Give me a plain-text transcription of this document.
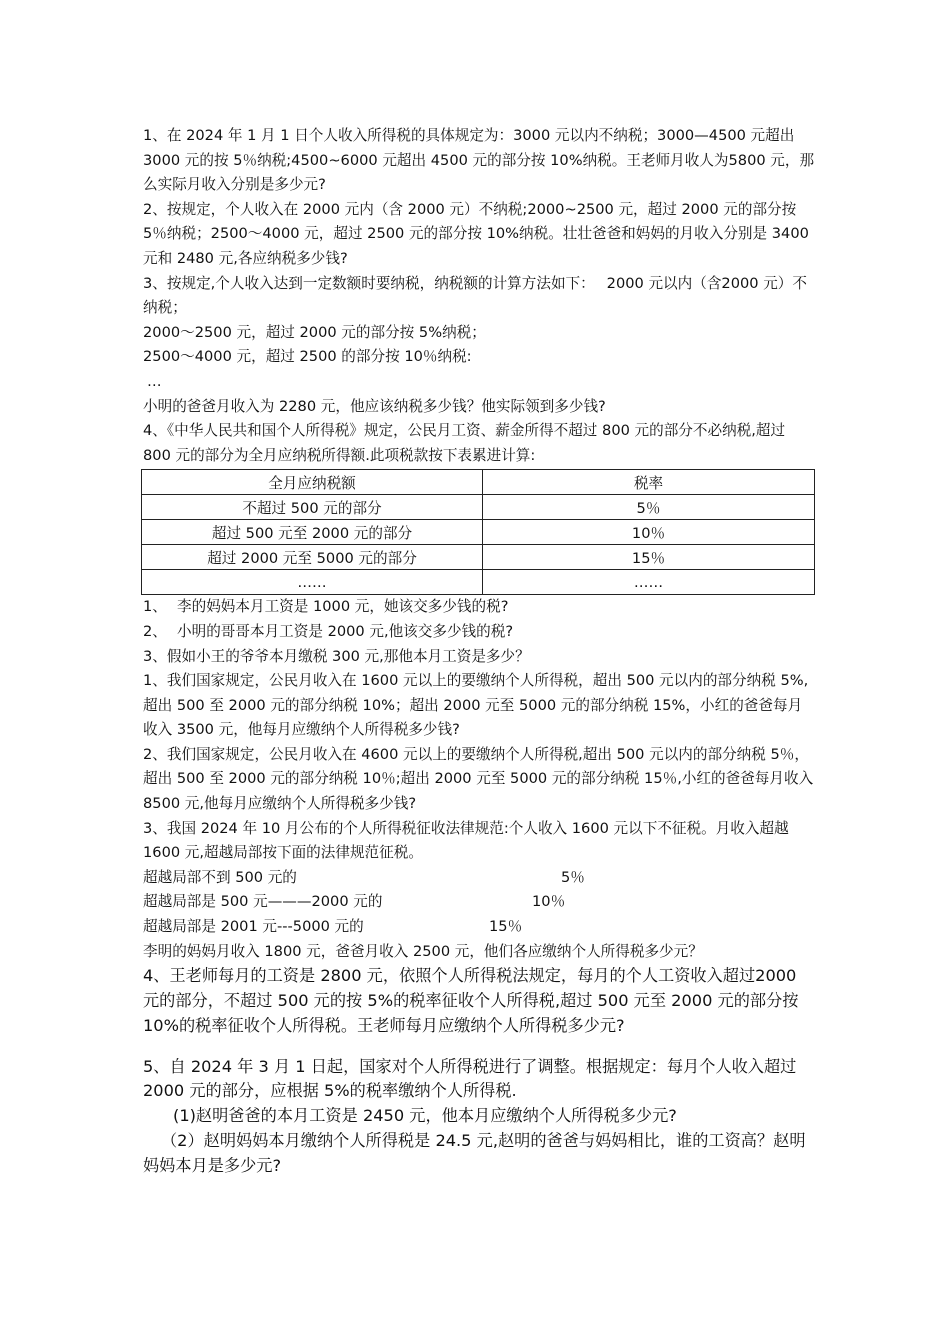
1、在 2024 年 1 月 1 日个人收入所得税的具体规定为：3000 元以内不纳税；3000—4500 元超出 3000 元的按 5％纳税;4500~6000 元超出 4500 元的部分按 10%纳税。王老师月收人为5800 元，那么实际月收入分别是多少元?

2、按规定，个人收入在 2000 元内（含 2000 元）不纳税;2000~2500 元，超过 2000 元的部分按 5％纳税；2500～4000 元，超过 2500 元的部分按 10%纳税。壮壮爸爸和妈妈的月收入分别是 3400 元和 2480 元,各应纳税多少钱?

3、按规定,个人收入达到一定数额时要纳税，纳税额的计算方法如下：　 2000 元以内（含2000 元）不纳税；

2000～2500 元，超过 2000 元的部分按 5%纳税；

2500～4000 元，超过 2500 的部分按 10％纳税:

…

小明的爸爸月收入为 2280 元，他应该纳税多少钱？他实际领到多少钱?

4、《中华人民共和国个人所得税》规定，公民月工资、薪金所得不超过 800 元的部分不必纳税,超过 800 元的部分为全月应纳税所得额.此项税款按下表累进计算:

全月应纳税额	税率
不超过 500 元的部分	5％
超过 500 元至 2000 元的部分	10％
超过 2000 元至 5000 元的部分	15％
……	……

1、 李的妈妈本月工资是 1000 元，她该交多少钱的税?

2、 小明的哥哥本月工资是 2000 元,他该交多少钱的税?

3、假如小王的爷爷本月缴税 300 元,那他本月工资是多少？

1、我们国家规定，公民月收入在 1600 元以上的要缴纳个人所得税，超出 500 元以内的部分纳税 5%,超出 500 至 2000 元的部分纳税 10%；超出 2000 元至 5000 元的部分纳税 15%，小红的爸爸每月收入 3500 元，他每月应缴纳个人所得税多少钱?

2、我们国家规定，公民月收入在 4600 元以上的要缴纳个人所得税,超出 500 元以内的部分纳税 5％，超出 500 至 2000 元的部分纳税 10％;超出 2000 元至 5000 元的部分纳税 15％,小红的爸爸每月收入 8500 元,他每月应缴纳个人所得税多少钱?

3、我国 2024 年 10 月公布的个人所得税征收法律规范:个人收入 1600 元以下不征税。月收入超越 1600 元,超越局部按下面的法律规范征税。

超越局部不到 500 元的	5％
超越局部是 500 元———2000 元的	10％
超越局部是 2001 元---5000 元的	15％

李明的妈妈月收入 1800 元，爸爸月收入 2500 元，他们各应缴纳个人所得税多少元？

4、王老师每月的工资是 2800 元，依照个人所得税法规定，每月的个人工资收入超过2000 元的部分，不超过 500 元的按 5%的税率征收个人所得税,超过 500 元至 2000 元的部分按 10%的税率征收个人所得税。王老师每月应缴纳个人所得税多少元?

5、自 2024 年 3 月 1 日起，国家对个人所得税进行了调整。根据规定：每月个人收入超过2000 元的部分，应根据 5%的税率缴纳个人所得税.

(1)赵明爸爸的本月工资是 2450 元，他本月应缴纳个人所得税多少元?

（2）赵明妈妈本月缴纳个人所得税是 24.5 元,赵明的爸爸与妈妈相比，谁的工资高？赵明妈妈本月是多少元?
